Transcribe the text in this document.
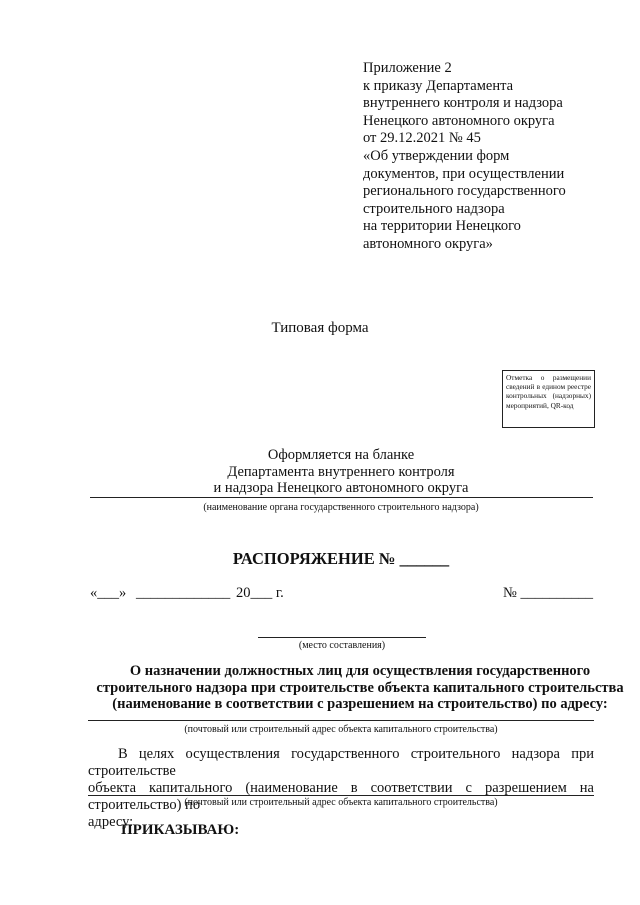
Приложение 2
к приказу Департамента
внутреннего контроля и надзора
Ненецкого автономного округа
от 29.12.2021 № 45
«Об утверждении форм
документов, при осуществлении
регионального государственного
строительного надзора
на территории Ненецкого
автономного округа»
Типовая форма
Отметка о размещении сведений в едином реестре контрольных (надзорных) мероприятий, QR-код
Оформляется на бланке
Департамента внутреннего контроля
и надзора Ненецкого автономного округа
(наименование органа государственного строительного надзора)
РАСПОРЯЖЕНИЕ № ______
«___» _____________ 20___ г.	№ __________
(место составления)
О назначении должностных лиц для осуществления государственного
строительного надзора при строительстве объекта капитального строительства
(наименование в соответствии с разрешением на строительство) по адресу:
(почтовый или строительный адрес объекта капитального строительства)
В целях осуществления государственного строительного надзора при строительстве
объекта капитального (наименование в соответствии с разрешением на строительство) по
адресу:
(почтовый или строительный адрес объекта капитального строительства)
ПРИКАЗЫВАЮ:
